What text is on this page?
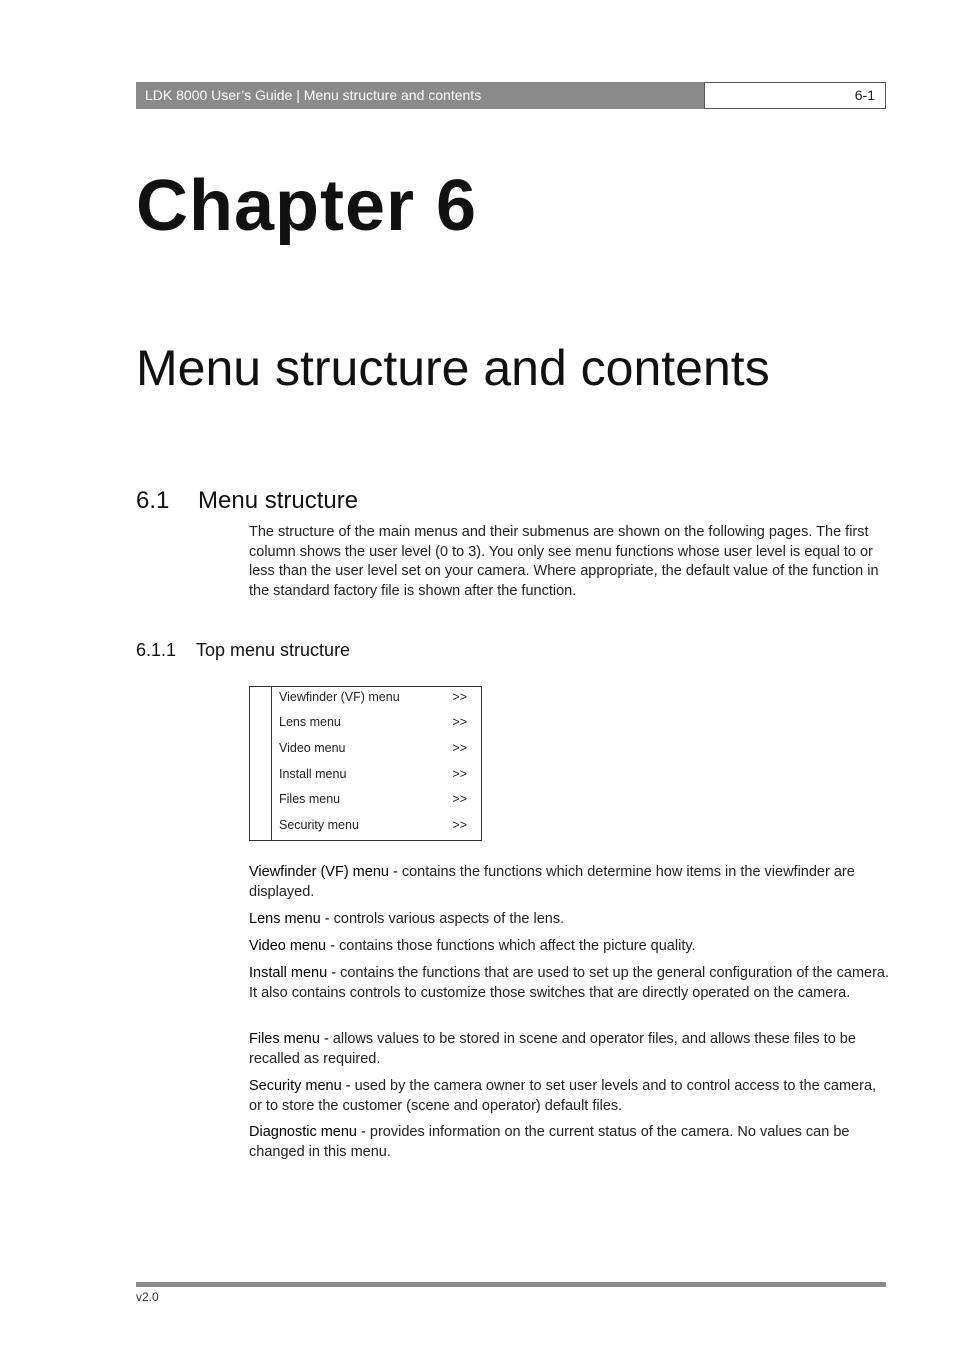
LDK 8000 User’s Guide | Menu structure and contents	6-1
Chapter 6
Menu structure and contents
6.1 Menu structure

The structure of the main menus and their submenus are shown on the following pages. The first column shows the user level (0 to 3). You only see menu functions whose user level is equal to or less than the user level set on your camera. Where appropriate, the default value of the function in the standard factory file is shown after the function.

6.1.1 Top menu structure
Viewfinder (VF) menu	>>
Lens menu	>>
Video menu	>>
Install menu	>>
Files menu	>>
Security menu	>>

Viewfinder (VF) menu - contains the functions which determine how items in the viewfinder are displayed.

Lens menu - controls various aspects of the lens.

Video menu - contains those functions which affect the picture quality.

Install menu - contains the functions that are used to set up the general configuration of the camera. It also contains controls to customize those switches that are directly operated on the camera.

Files menu - allows values to be stored in scene and operator files, and allows these files to be recalled as required.

Security menu - used by the camera owner to set user levels and to control access to the camera, or to store the customer (scene and operator) default files.

Diagnostic menu - provides information on the current status of the camera. No values can be changed in this menu.

v2.0
